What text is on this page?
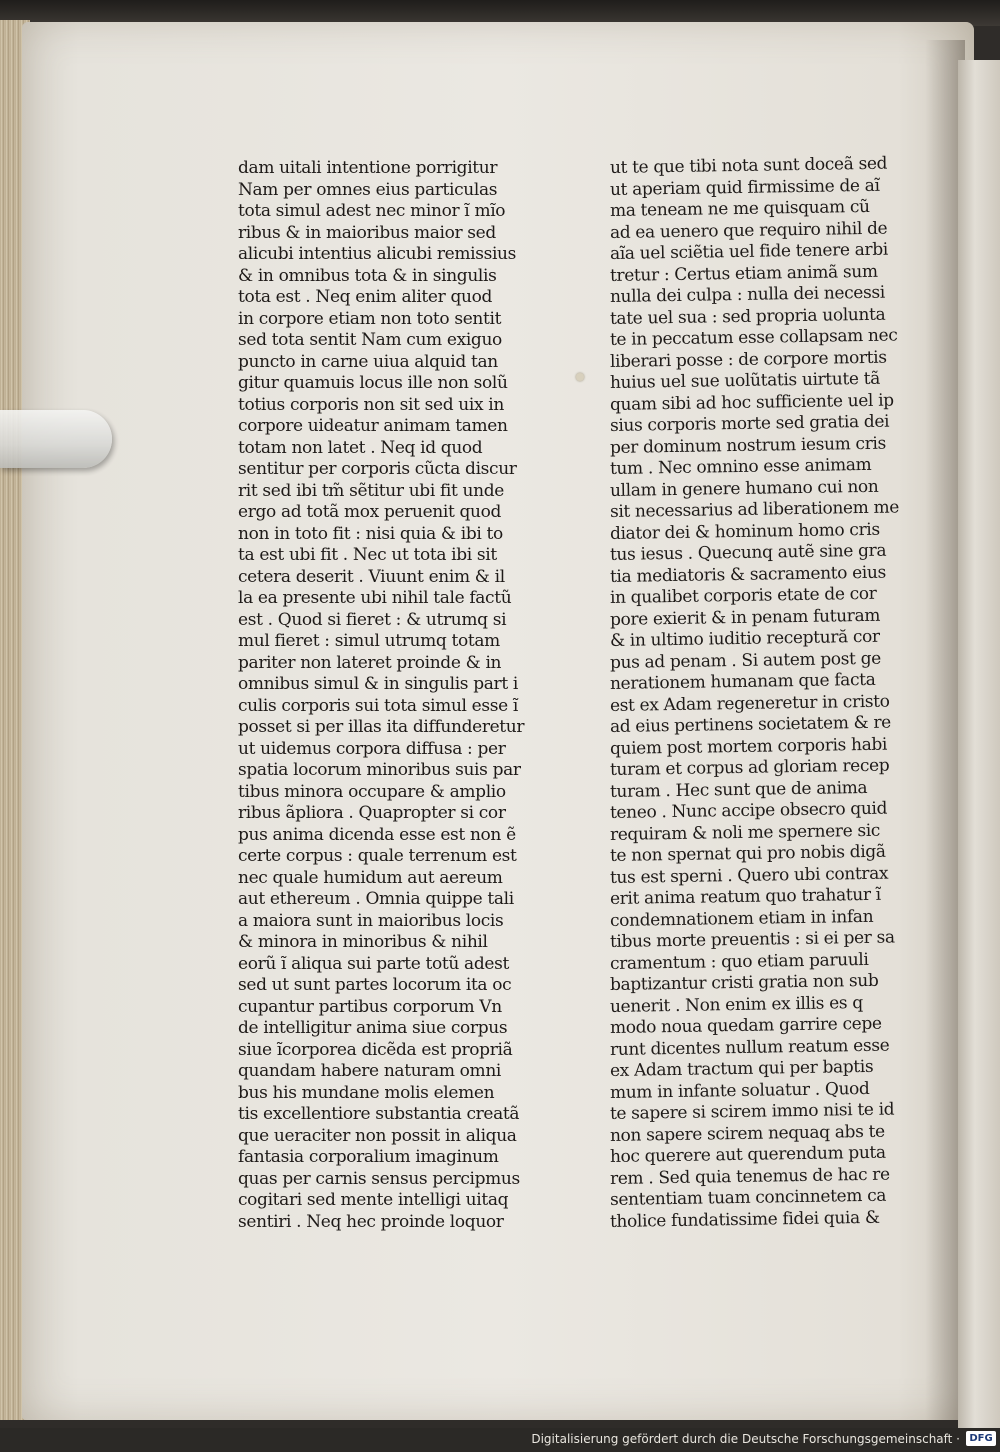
dam uitali intentione porrigitur
Nam per omnes eius particulas
tota simul adest nec minor ĩ mĩo
ribus & in maioribus maior sed
alicubi intentius alicubi remissius
& in omnibus tota & in singulis
tota est . Neq enim aliter quod
in corpore etiam non toto sentit
sed tota sentit Nam cum exiguo
puncto in carne uiua alquid tan
gitur quamuis locus ille non solũ
totius corporis non sit sed uix in
corpore uideatur animam tamen
totam non latet . Neq id quod
sentitur per corporis cũcta discur
rit sed ibi tm̃ sẽtitur ubi fit unde
ergo ad totã mox peruenit quod
non in toto fit : nisi quia & ibi to
ta est ubi fit . Nec ut tota ibi sit
cetera deserit . Viuunt enim & il
la ea presente ubi nihil tale factũ
est . Quod si fieret : & utrumq si
mul fieret : simul utrumq totam
pariter non lateret proinde & in
omnibus simul & in singulis part i
culis corporis sui tota simul esse ĩ
posset si per illas ita diffunderetur
ut uidemus corpora diffusa : per
spatia locorum minoribus suis par
tibus minora occupare & amplio
ribus ãpliora . Quapropter si cor
pus anima dicenda esse est non ẽ
certe corpus : quale terrenum est
nec quale humidum aut aereum
aut ethereum . Omnia quippe tali
a maiora sunt in maioribus locis
& minora in minoribus & nihil
eorũ ĩ aliqua sui parte totũ adest
sed ut sunt partes locorum ita oc
cupantur partibus corporum Vn
de intelligitur anima siue corpus
siue ĩcorporea dicẽda est propriã
quandam habere naturam omni
bus his mundane molis elemen
tis excellentiore substantia creatã
que ueraciter non possit in aliqua
fantasia corporalium imaginum
quas per carnis sensus percipmus
cogitari sed mente intelligi uitaq
sentiri . Neq hec proinde loquor
ut te que tibi nota sunt doceã sed
ut aperiam quid firmissime de aĩ
ma teneam ne me quisquam cũ
ad ea uenero que requiro nihil de
aĩa uel sciẽtia uel fide tenere arbi
tretur : Certus etiam animã sum
nulla dei culpa : nulla dei necessi
tate uel sua : sed propria uolunta
te in peccatum esse collapsam nec
liberari posse : de corpore mortis
huius uel sue uolũtatis uirtute tã
quam sibi ad hoc sufficiente uel ip
sius corporis morte sed gratia dei
per dominum nostrum iesum cris
tum . Nec omnino esse animam
ullam in genere humano cui non
sit necessarius ad liberationem me
diator dei & hominum homo cris
tus iesus . Quecunq autẽ sine gra
tia mediatoris & sacramento eius
in qualibet corporis etate de cor
pore exierit & in penam futuram
& in ultimo iuditio receptură cor
pus ad penam . Si autem post ge
nerationem humanam que facta
est ex Adam regeneretur in cristo
ad eius pertinens societatem & re
quiem post mortem corporis habi
turam et corpus ad gloriam recep
turam . Hec sunt que de anima
teneo . Nunc accipe obsecro quid
requiram & noli me spernere sic
te non spernat qui pro nobis digã
tus est sperni . Quero ubi contrax
erit anima reatum quo trahatur ĩ
condemnationem etiam in infan
tibus morte preuentis : si ei per sa
cramentum : quo etiam paruuli
baptizantur cristi gratia non sub
uenerit . Non enim ex illis es q
modo noua quedam garrire cepe
runt dicentes nullum reatum esse
ex Adam tractum qui per baptis
mum in infante soluatur . Quod
te sapere si scirem immo nisi te id
non sapere scirem nequaq abs te
hoc querere aut querendum puta
rem . Sed quia tenemus de hac re
sententiam tuam concinnetem ca
tholice fundatissime fidei quia &
Digitalisierung gefördert durch die Deutsche Forschungsgemeinschaft · DFG
